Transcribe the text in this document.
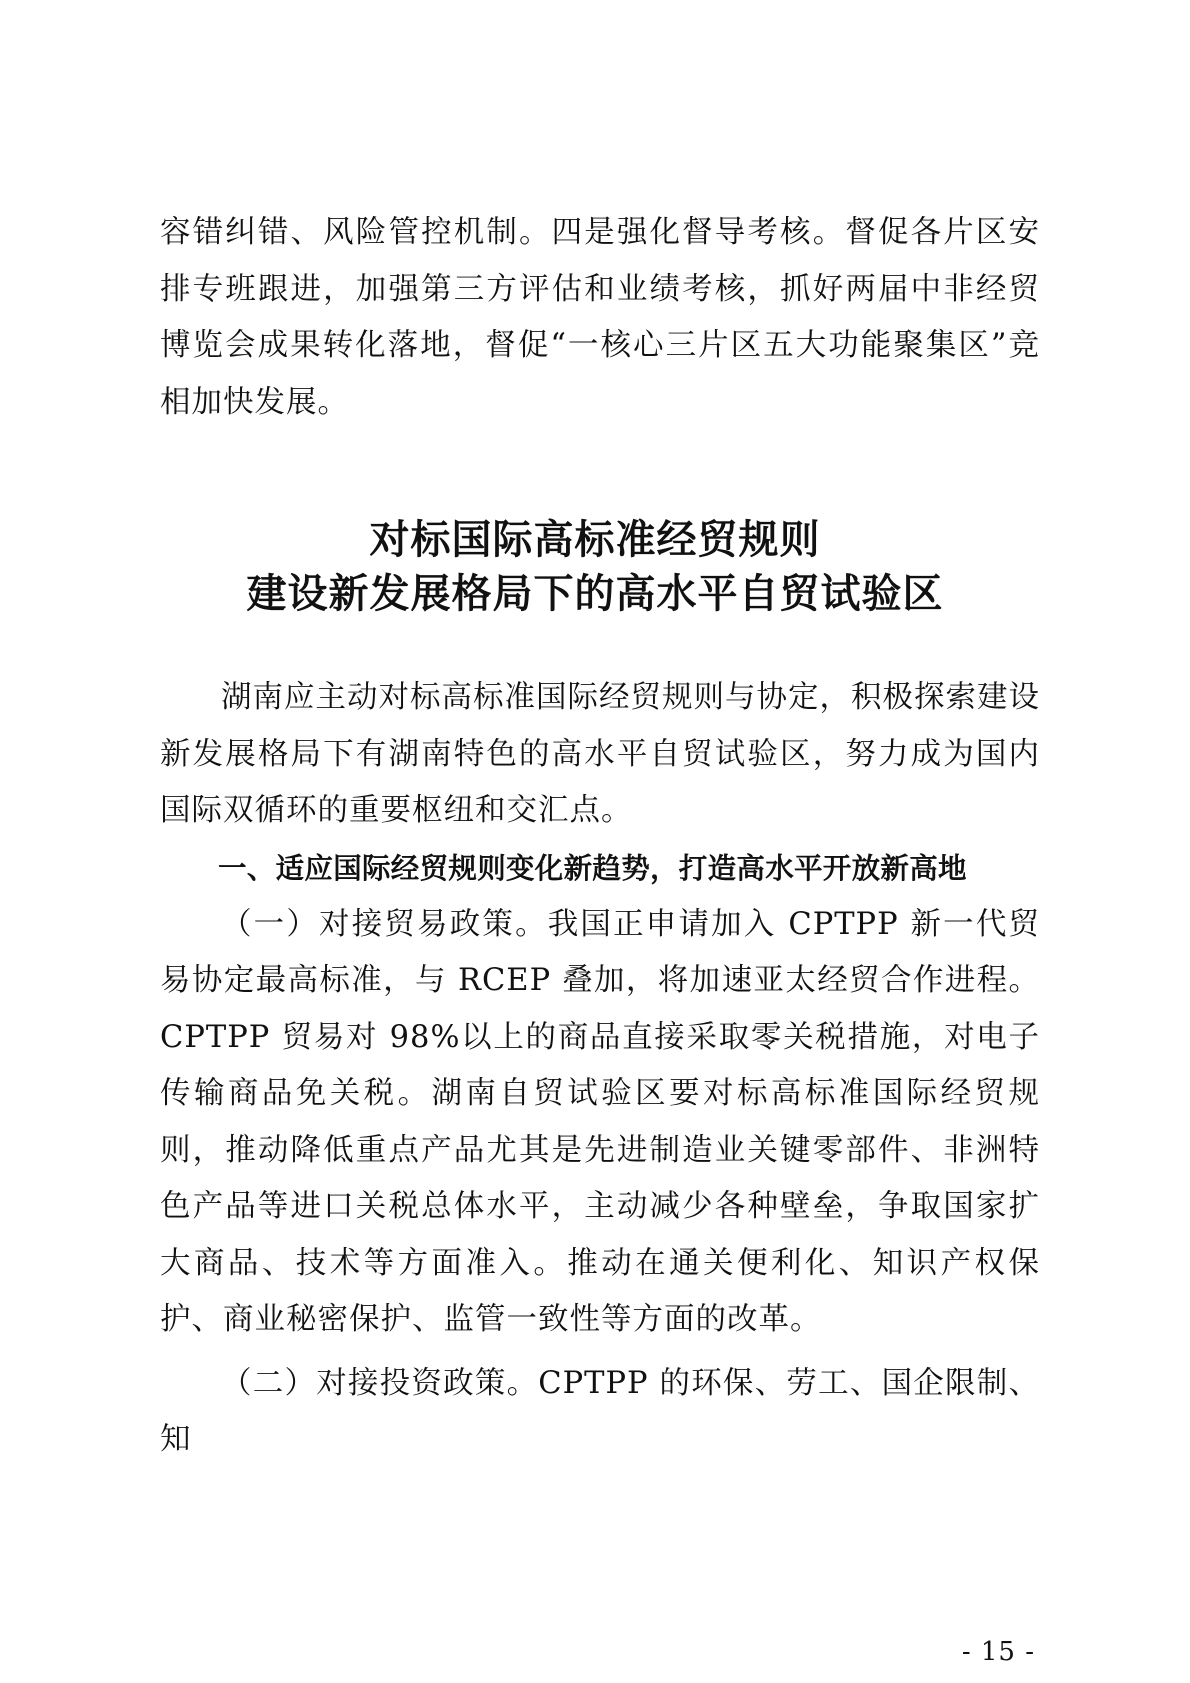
容错纠错、风险管控机制。四是强化督导考核。督促各片区安排专班跟进，加强第三方评估和业绩考核，抓好两届中非经贸博览会成果转化落地，督促“一核心三片区五大功能聚集区”竞相加快发展。

对标国际高标准经贸规则
建设新发展格局下的高水平自贸试验区

湖南应主动对标高标准国际经贸规则与协定，积极探索建设新发展格局下有湖南特色的高水平自贸试验区，努力成为国内国际双循环的重要枢纽和交汇点。

一、适应国际经贸规则变化新趋势，打造高水平开放新高地

（一）对接贸易政策。我国正申请加入 CPTPP 新一代贸易协定最高标准，与 RCEP 叠加，将加速亚太经贸合作进程。CPTPP 贸易对 98%以上的商品直接采取零关税措施，对电子传输商品免关税。湖南自贸试验区要对标高标准国际经贸规则，推动降低重点产品尤其是先进制造业关键零部件、非洲特色产品等进口关税总体水平，主动减少各种壁垒，争取国家扩大商品、技术等方面准入。推动在通关便利化、知识产权保护、商业秘密保护、监管一致性等方面的改革。

（二）对接投资政策。CPTPP 的环保、劳工、国企限制、知

- 15 -
